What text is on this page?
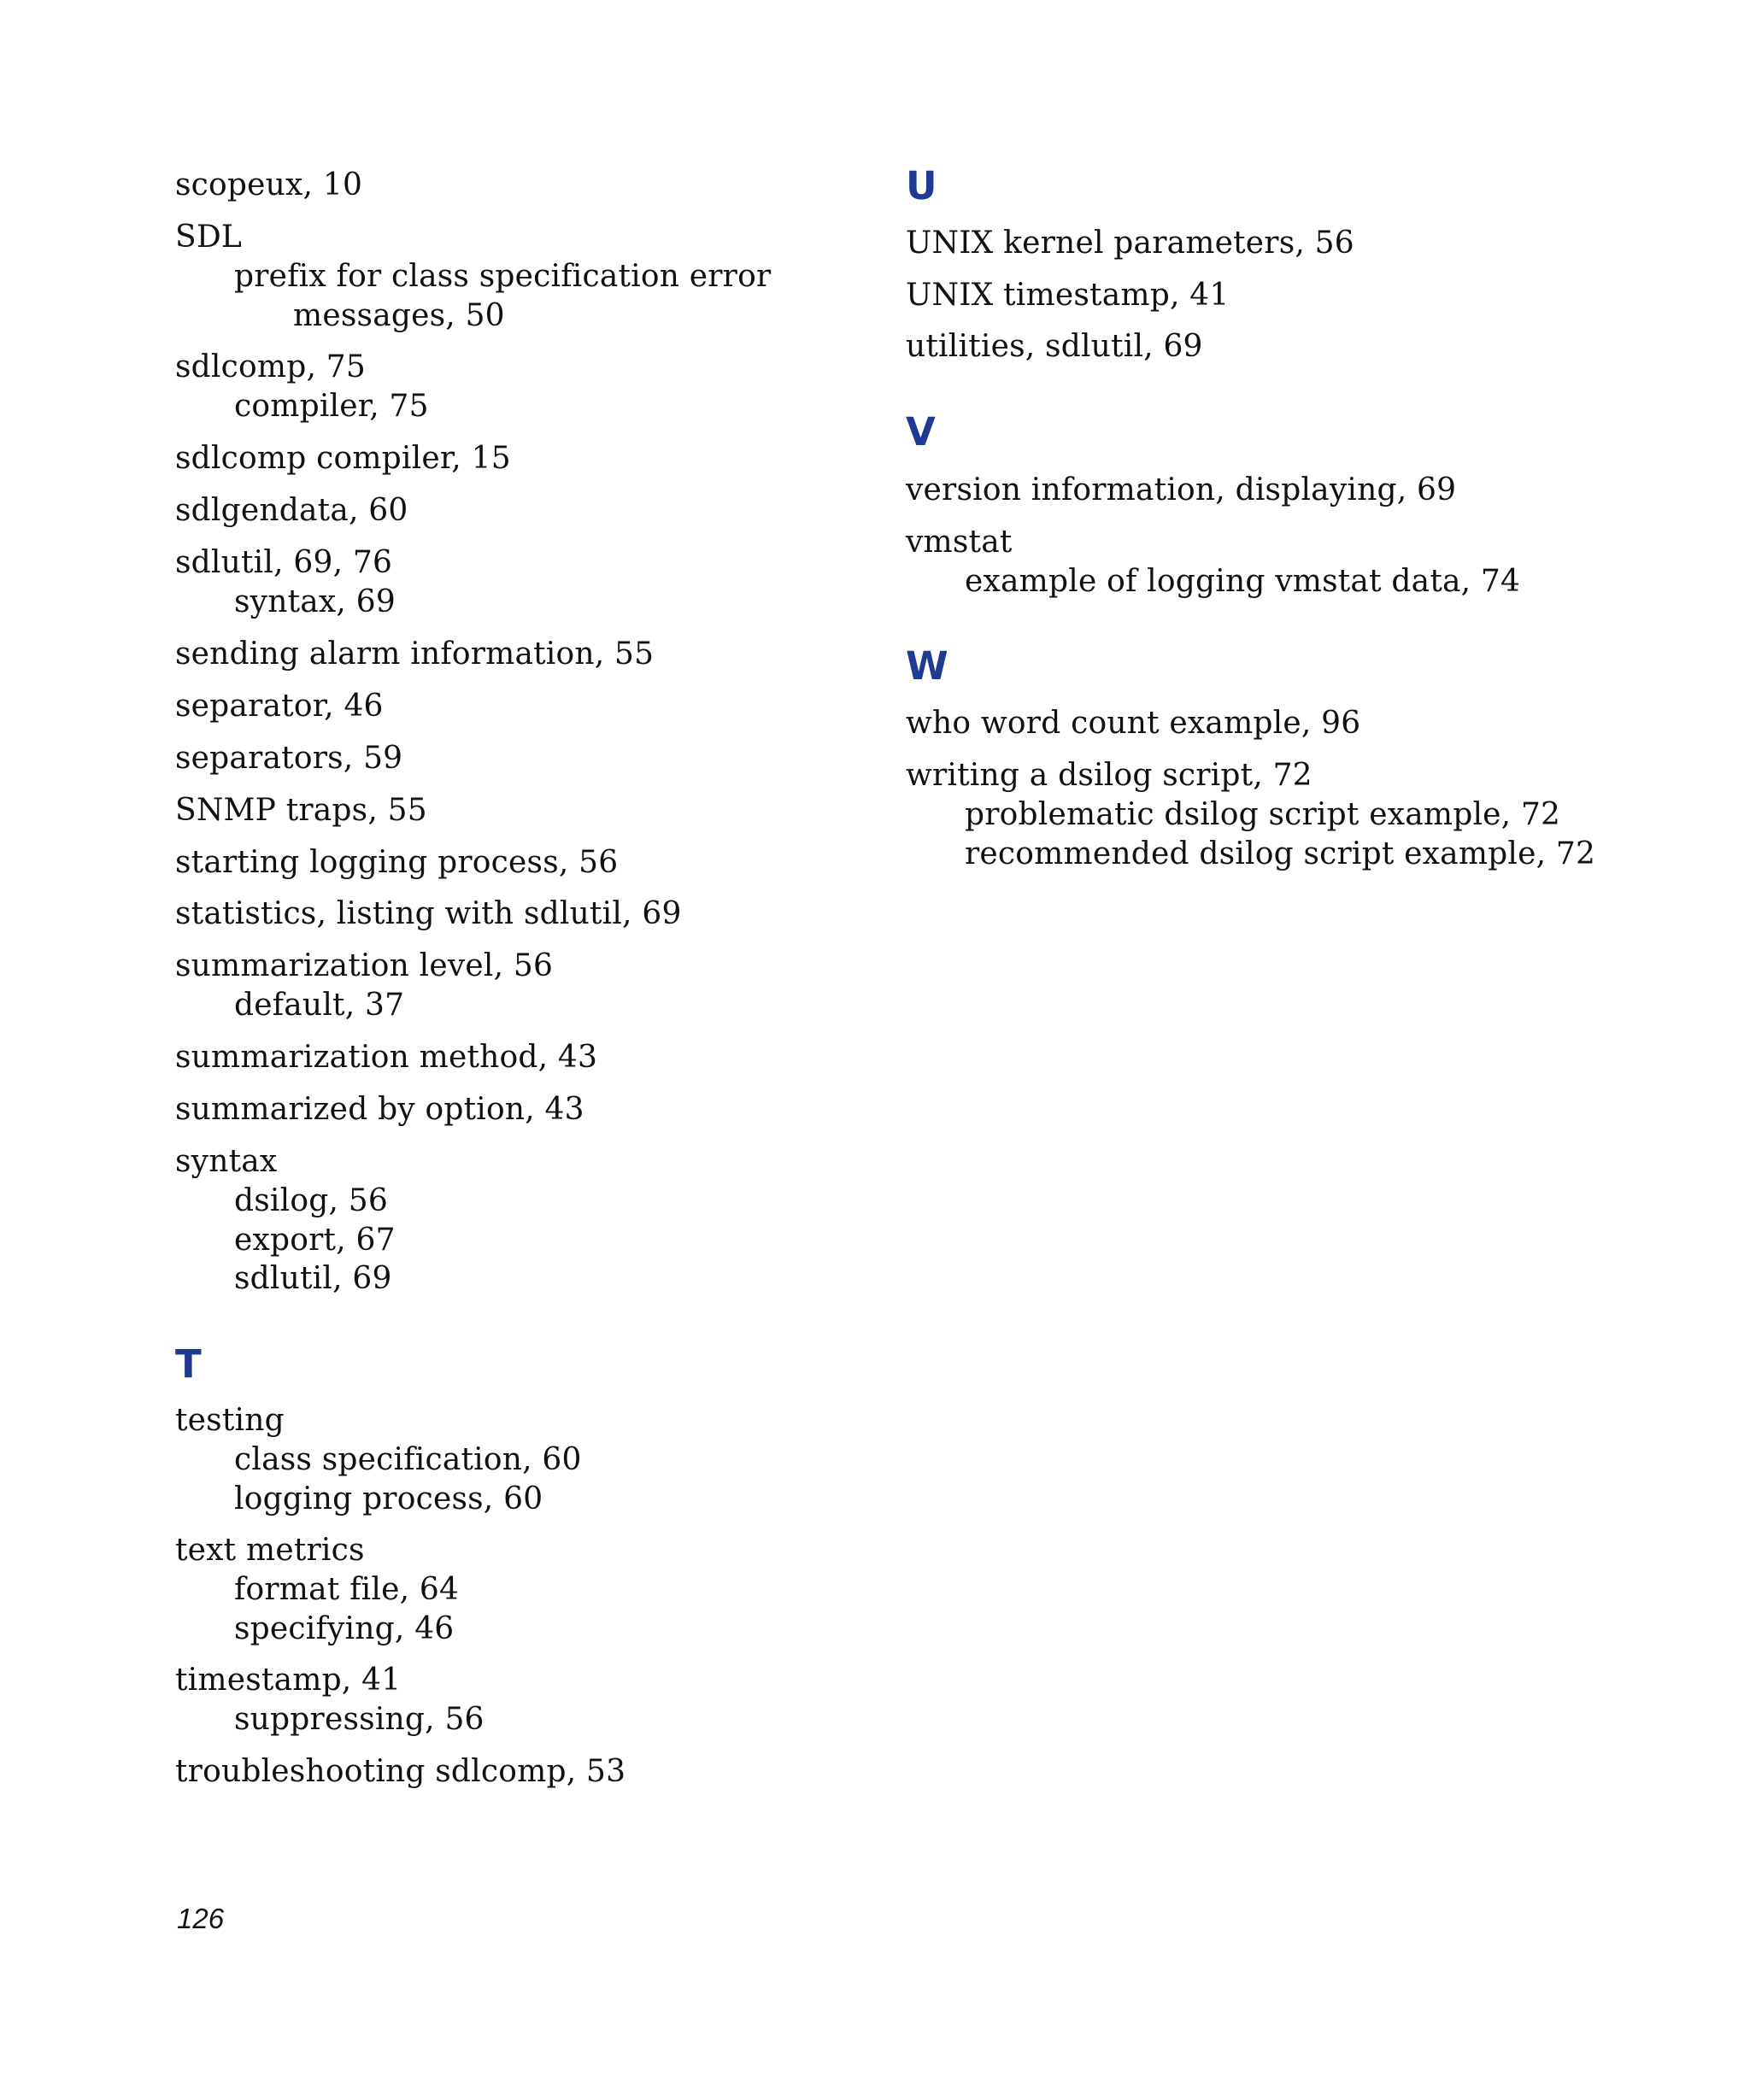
scopeux, 10
SDL
prefix for class specification error
messages, 50
sdlcomp, 75
compiler, 75
sdlcomp compiler, 15
sdlgendata, 60
sdlutil, 69, 76
syntax, 69
sending alarm information, 55
separator, 46
separators, 59
SNMP traps, 55
starting logging process, 56
statistics, listing with sdlutil, 69
summarization level, 56
default, 37
summarization method, 43
summarized by option, 43
syntax
dsilog, 56
export, 67
sdlutil, 69
T
testing
class specification, 60
logging process, 60
text metrics
format file, 64
specifying, 46
timestamp, 41
suppressing, 56
troubleshooting sdlcomp, 53
U
UNIX kernel parameters, 56
UNIX timestamp, 41
utilities, sdlutil, 69
V
version information, displaying, 69
vmstat
example of logging vmstat data, 74
W
who word count example, 96
writing a dsilog script, 72
problematic dsilog script example, 72
recommended dsilog script example, 72
126
